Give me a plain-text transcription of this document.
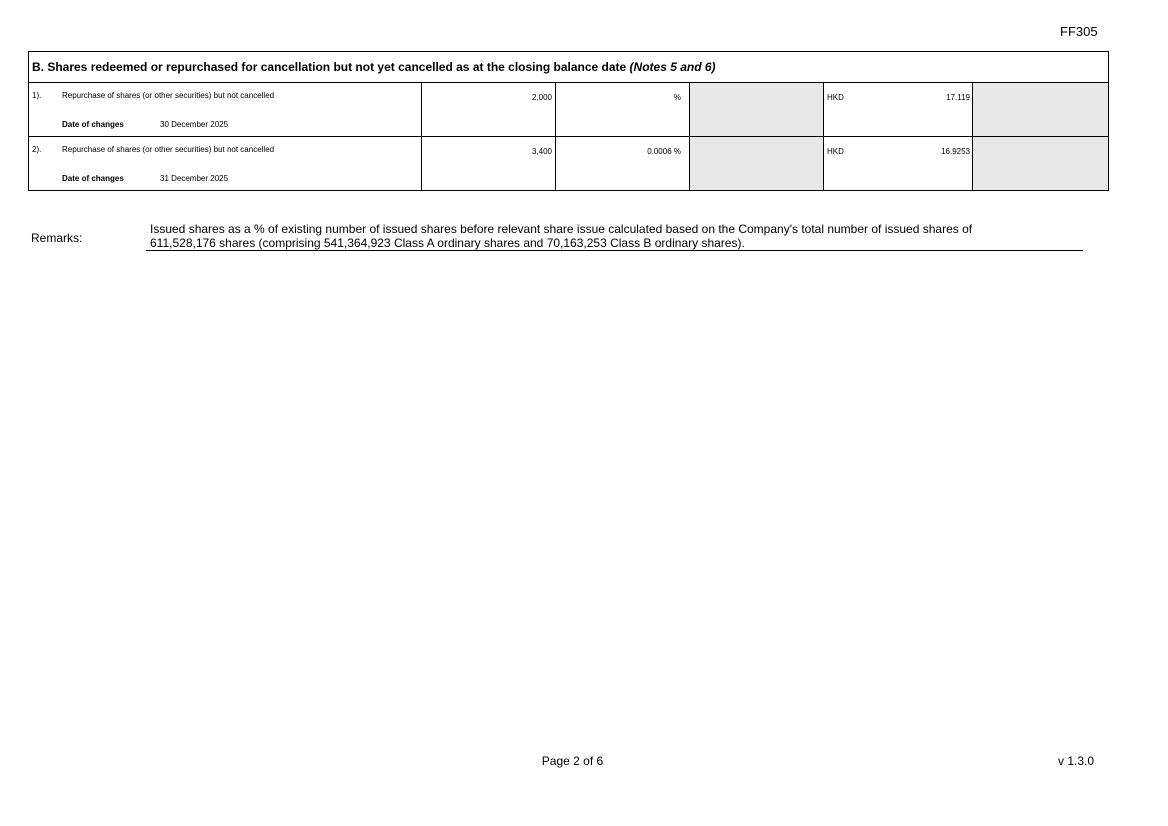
FF305
B. Shares redeemed or repurchased for cancellation but not yet cancelled as at the closing balance date (Notes 5 and 6)					

1). Repurchase of shares (or other securities) but not cancelled
Date of changes 30 December 2025	2,000	%		HKD 17.119	

2). Repurchase of shares (or other securities) but not cancelled
Date of changes 31 December 2025	3,400	0.0006 %		HKD 16.9253	

Remarks:
Issued shares as a % of existing number of issued shares before relevant share issue calculated based on the Company's total number of issued shares of
611,528,176 shares (comprising 541,364,923 Class A ordinary shares and 70,163,253 Class B ordinary shares).
Page 2 of 6	v 1.3.0
